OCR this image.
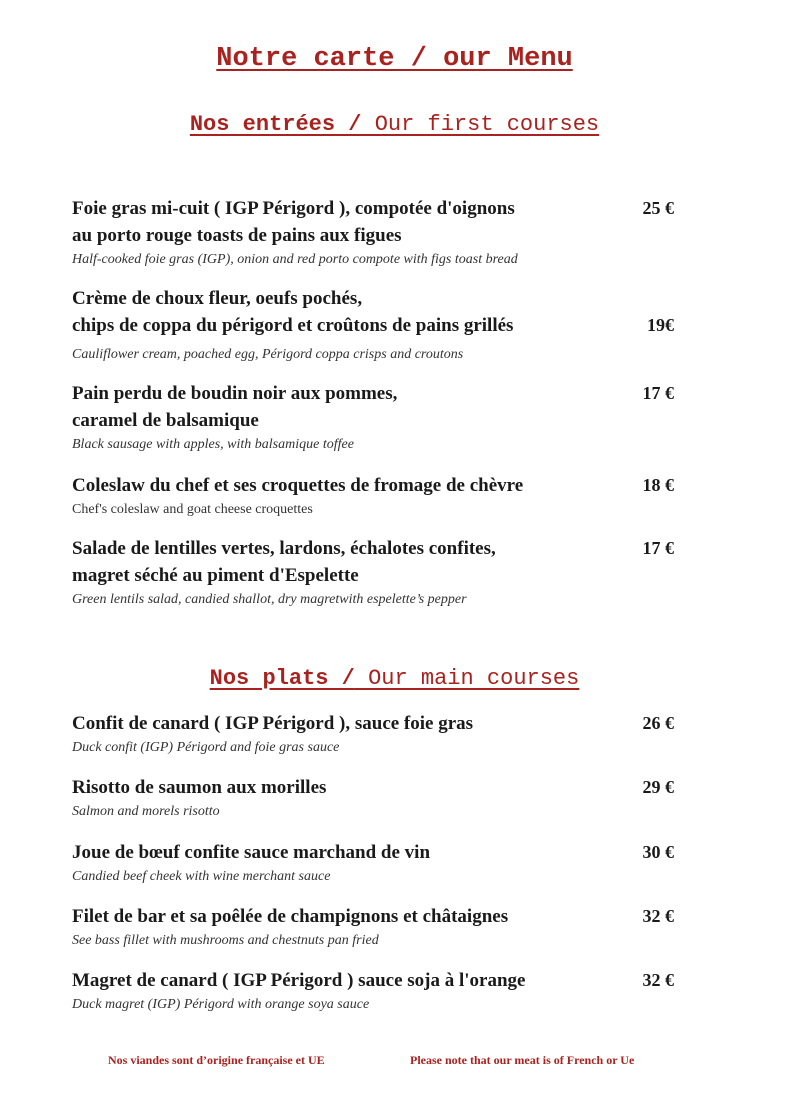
Notre carte / our Menu
Nos entrées / Our first courses
Foie gras mi-cuit ( IGP Périgord ), compotée d'oignons
au porto rouge toasts de pains aux figues
Half-cooked foie gras (IGP), onion and red porto compote with figs toast bread
25 €
Crème de choux fleur, oeufs pochés,
chips de coppa du périgord et croûtons de pains grillés
Cauliflower cream, poached egg, Périgord coppa crisps and croutons
19€
Pain perdu de boudin noir aux pommes,
caramel de balsamique
Black sausage with apples, with balsamique toffee
17 €
Coleslaw du chef et ses croquettes de fromage de chèvre
Chef's coleslaw and goat cheese croquettes
18 €
Salade de lentilles vertes, lardons, échalotes confites,
magret séché au piment d'Espelette
Green lentils salad, candied shallot, dry magretwith espelette’s pepper
17 €
Nos plats / Our main courses
Confit de canard ( IGP Périgord ), sauce foie gras
Duck confit (IGP) Périgord and foie gras sauce
26 €
Risotto de saumon aux morilles
Salmon and morels risotto
29 €
Joue de bœuf confite sauce marchand de vin
Candied beef cheek with wine merchant sauce
30 €
Filet de bar et sa poêlée de champignons et châtaignes
See bass fillet with mushrooms and chestnuts pan fried
32 €
Magret de canard ( IGP Périgord ) sauce soja à l'orange
Duck magret (IGP) Périgord with orange soya sauce
32 €
Nos viandes sont d’origine française et UE	Please note that our meat is of French or Ue
